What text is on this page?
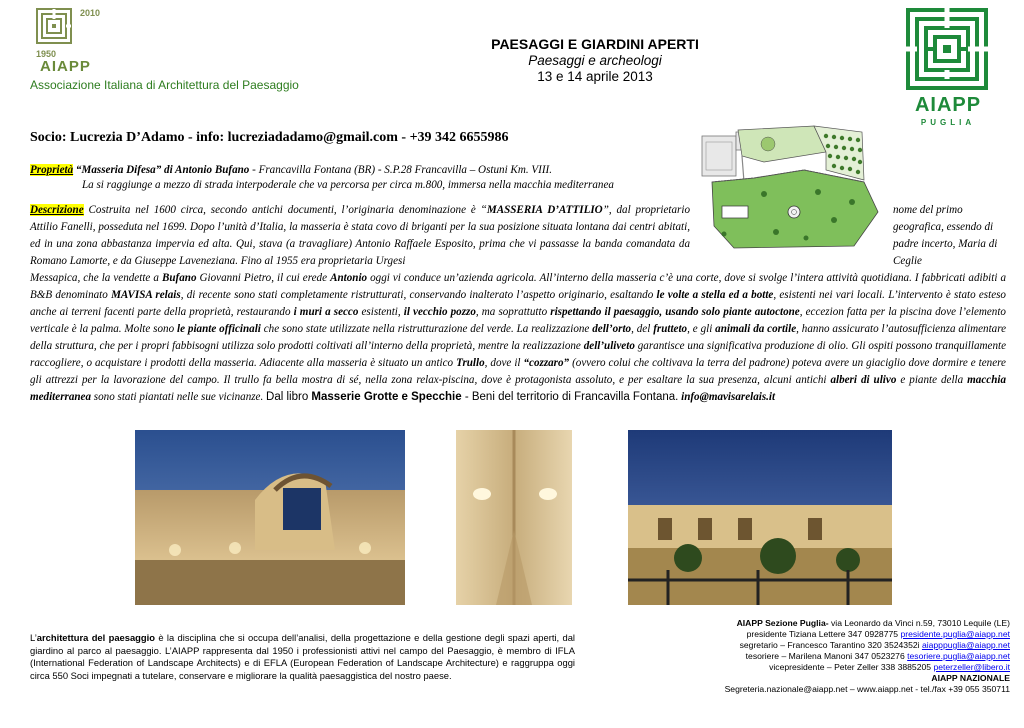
2010
1950
AIAPP
Associazione Italiana di Architettura del Paesaggio
PAESAGGI E GIARDINI APERTI
Paesaggi e archeologi
13 e 14 aprile 2013
AIAPP
PUGLIA
Socio: Lucrezia D’Adamo - info: lucreziadadamo@gmail.com - +39 342 6655986
Proprietà “Masseria Difesa” di Antonio Bufano - Francavilla Fontana (BR) - S.P.28 Francavilla – Ostuni Km. VIII.
La si raggiunge a mezzo di strada interpoderale che va percorsa per circa m.800, immersa nella macchia mediterranea
Descrizione Costruita nel 1600 circa, secondo antichi documenti, l’originaria denominazione è “MASSERIA D’ATTILIO”, dal proprietario Attilio Fanelli, posseduta nel 1699. Dopo l’unità d’Italia, la masseria è stata covo di briganti per la sua posizione situata lontana dai centri abitati, ed in una zona abbastanza impervia ed alta. Qui, stava (a travagliare) Antonio Raffaele Esposito, prima che vi passasse la banda comandata da Romano Lamorte, e da Giuseppe Laveneziana. Fino al 1955 era proprietaria Urgesi
nome del primo geografica, essendo di padre incerto, Maria di Ceglie
Messapica, che la vendette a Bufano Giovanni Pietro, il cui erede Antonio oggi vi conduce un’azienda agricola. All’interno della masseria c’è una corte, dove si svolge l’intera attività quotidiana. I fabbricati adibiti a B&B denominato MAVISA relais, di recente sono stati completamente ristrutturati, conservando inalterato l’aspetto originario, esaltando le volte a stella ed a botte, esistenti nei vari locali. L’intervento è stato esteso anche ai terreni facenti parte della proprietà, restaurando i muri a secco esistenti, il vecchio pozzo, ma soprattutto rispettando il paesaggio, usando solo piante autoctone, eccezion fatta per la piscina dove l’elemento verticale è la palma. Molte sono le piante officinali che sono state utilizzate nella ristrutturazione del verde. La realizzazione dell’orto, del frutteto, e gli animali da cortile, hanno assicurato l’autosufficienza alimentare della struttura, che per i propri fabbisogni utilizza solo prodotti coltivati all’interno della proprietà, mentre la realizzazione dell’uliveto garantisce una significativa produzione di olio. Gli ospiti possono tranquillamente raccogliere, o acquistare i prodotti della masseria. Adiacente alla masseria è situato un antico Trullo, dove il “cozzaro” (ovvero colui che coltivava la terra del padrone) poteva avere un giaciglio dove dormire e tenere gli attrezzi per la lavorazione del campo. Il trullo fa bella mostra di sé, nella zona relax-piscina, dove è protagonista assoluto, e per esaltare la sua presenza, alcuni antichi alberi di ulivo e piante della macchia mediterranea sono stati piantati nelle sue vicinanze. Dal libro Masserie Grotte e Specchie - Beni del territorio di Francavilla Fontana. info@mavisarelais.it
L’architettura del paesaggio è la disciplina che si occupa dell’analisi, della progettazione e della gestione degli spazi aperti, dal giardino al parco al paesaggio. L’AIAPP rappresenta dal 1950 i professionisti attivi nel campo del Paesaggio, è membro di IFLA (International Federation of Landscape Architects) e di EFLA (European Federation of Landscape Architecture) e raggruppa oggi circa 550 Soci impegnati a tutelare, conservare e migliorare la qualità paesaggistica del nostro paese.
AIAPP Sezione Puglia- via Leonardo da Vinci n.59, 73010 Lequile (LE)
presidente Tiziana Lettere 347 0928775 presidente.puglia@aiapp.net
segretario – Francesco Tarantino 320 3524352i aiapppuglia@aiapp.net
tesoriere – Marilena Manoni 347 0523276 tesoriere.puglia@aiapp.net
vicepresidente – Peter Zeller 338 3885205 peterzeller@libero.it
AIAPP NAZIONALE
Segreteria.nazionale@aiapp.net – www.aiapp.net - tel./fax +39 055 350711
